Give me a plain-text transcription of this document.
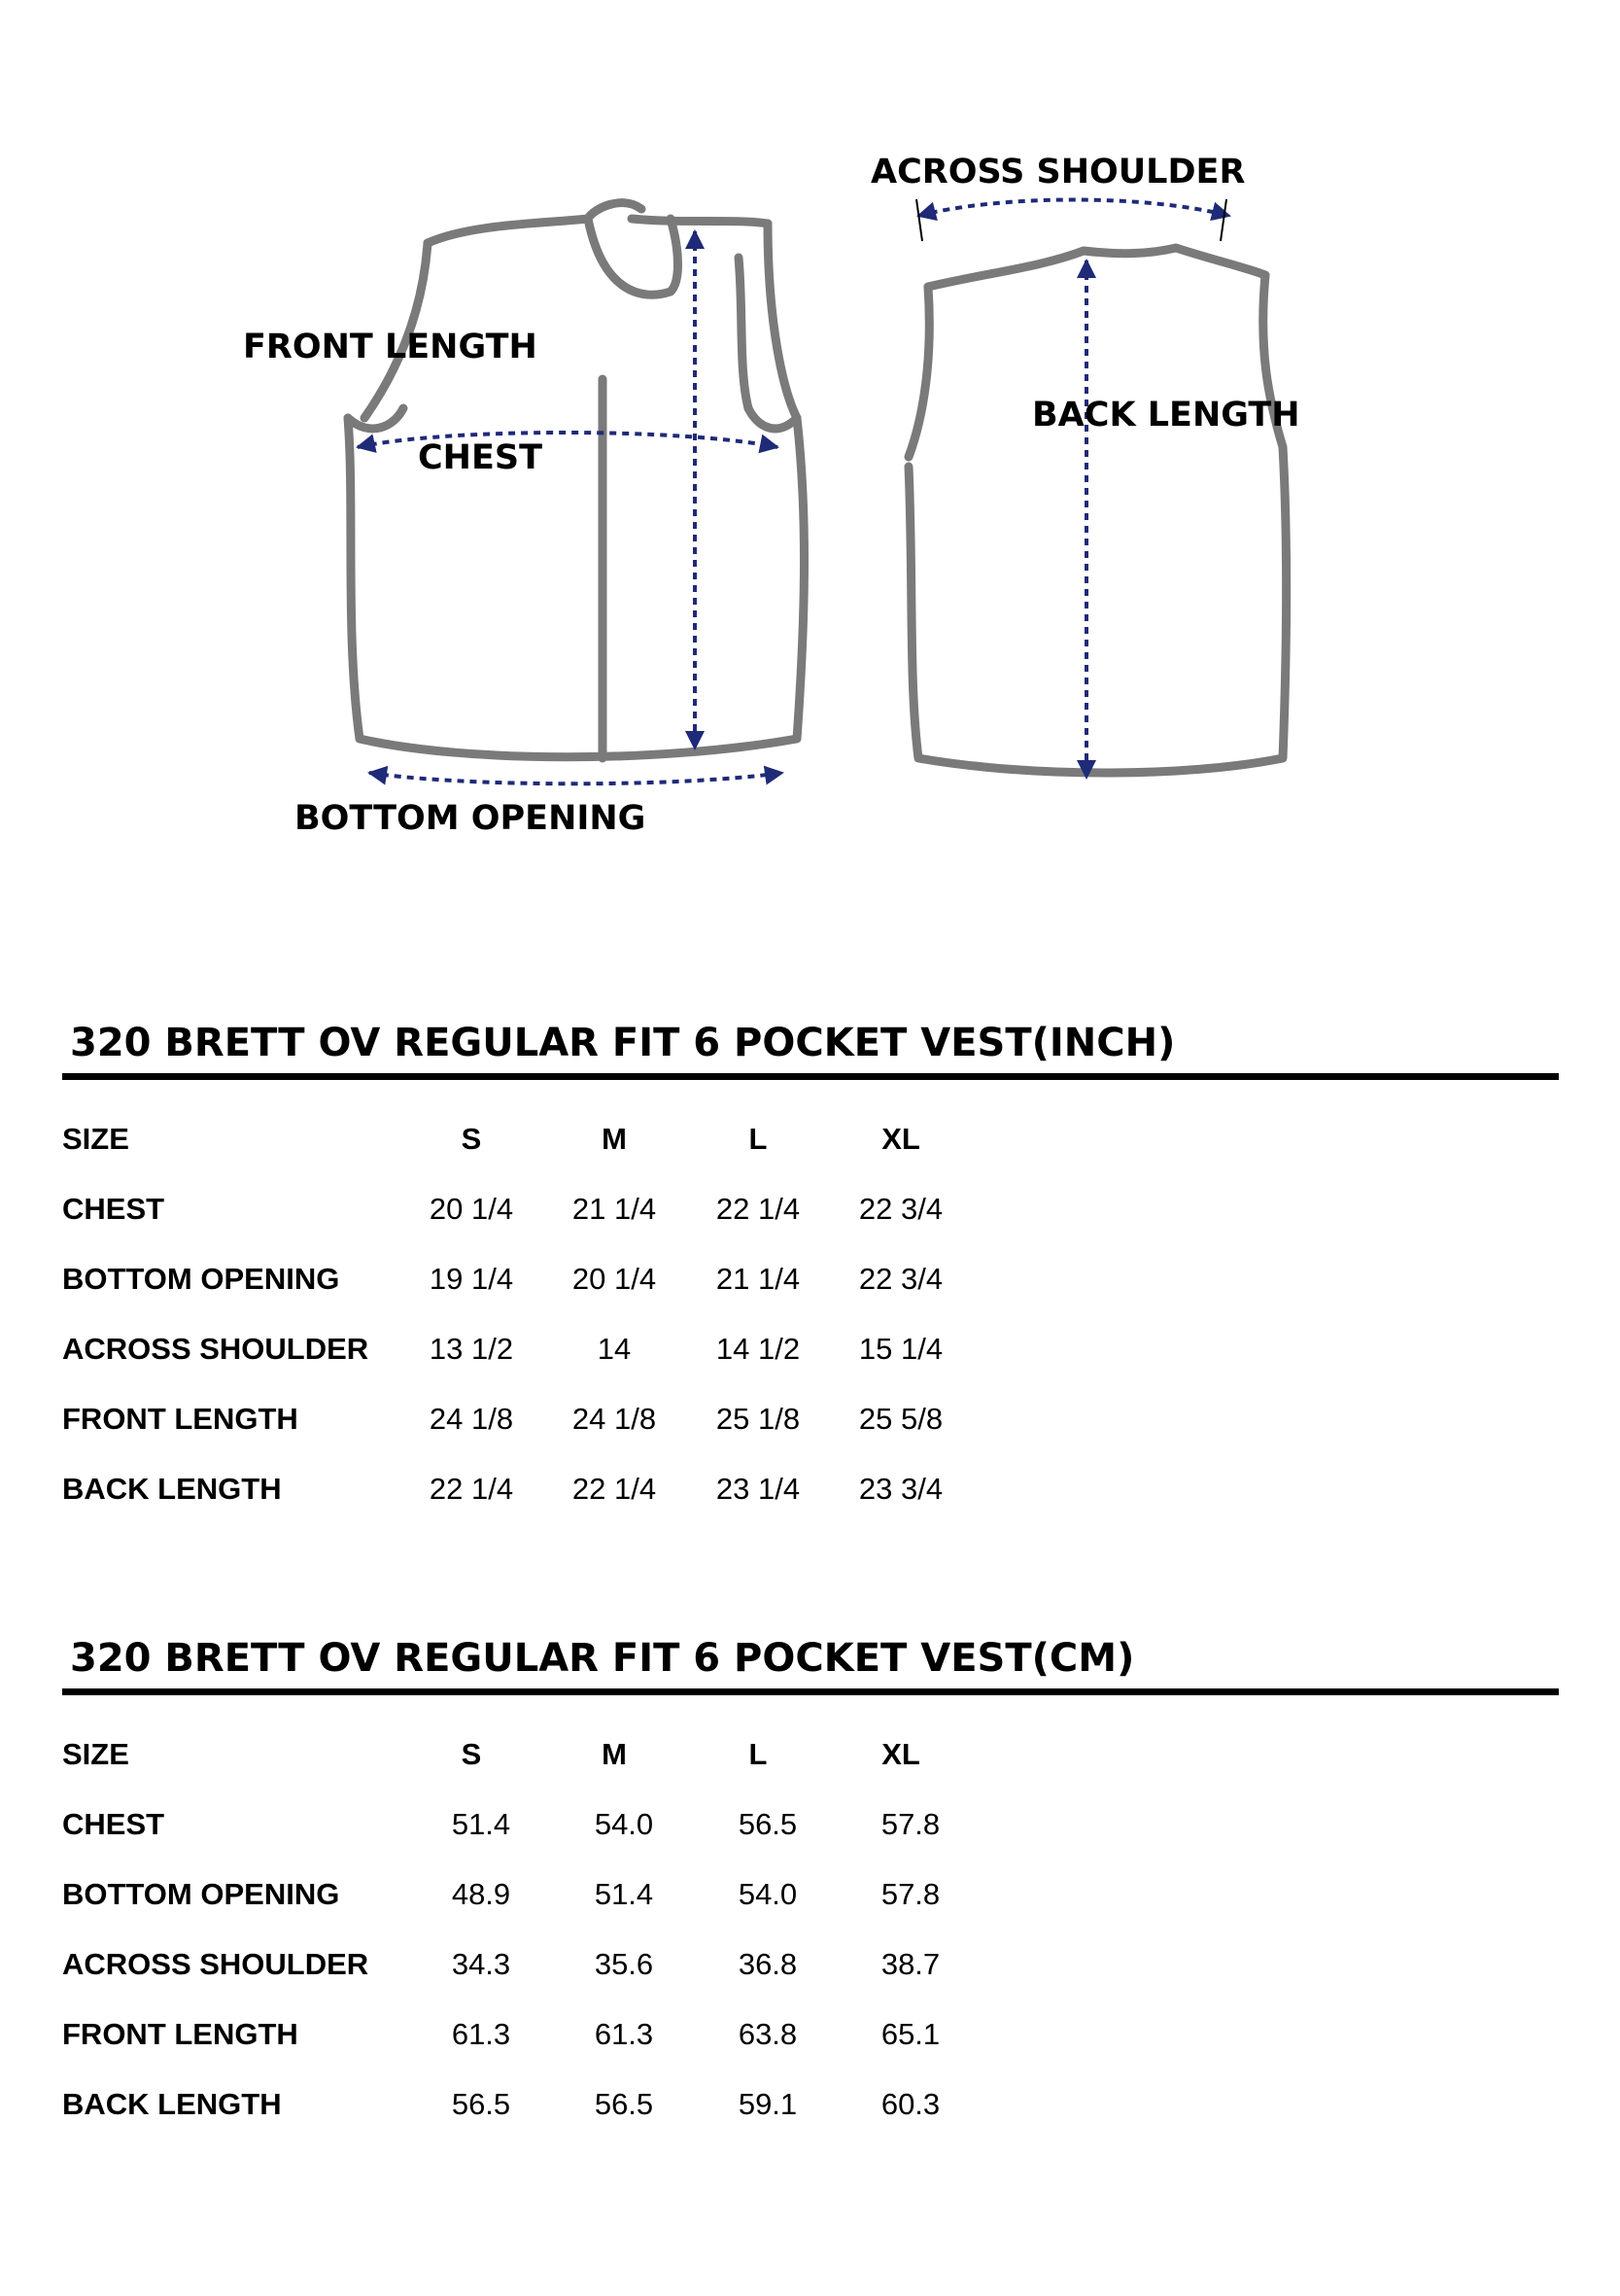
FRONT LENGTH
CHEST
BOTTOM OPENING
ACROSS SHOULDER
BACK LENGTH
320 BRETT OV REGULAR FIT 6 POCKET VEST(INCH)
SIZE	S	M	L	XL
CHEST	20 1/4	21 1/4	22 1/4	22 3/4
BOTTOM OPENING	19 1/4	20 1/4	21 1/4	22 3/4
ACROSS SHOULDER	13 1/2	14	14 1/2	15 1/4
FRONT LENGTH	24 1/8	24 1/8	25 1/8	25 5/8
BACK LENGTH	22 1/4	22 1/4	23 1/4	23 3/4
320 BRETT OV REGULAR FIT 6 POCKET VEST(CM)
SIZE	S	M	L	XL
CHEST	51.4	54.0	56.5	57.8
BOTTOM OPENING	48.9	51.4	54.0	57.8
ACROSS SHOULDER	34.3	35.6	36.8	38.7
FRONT LENGTH	61.3	61.3	63.8	65.1
BACK LENGTH	56.5	56.5	59.1	60.3
